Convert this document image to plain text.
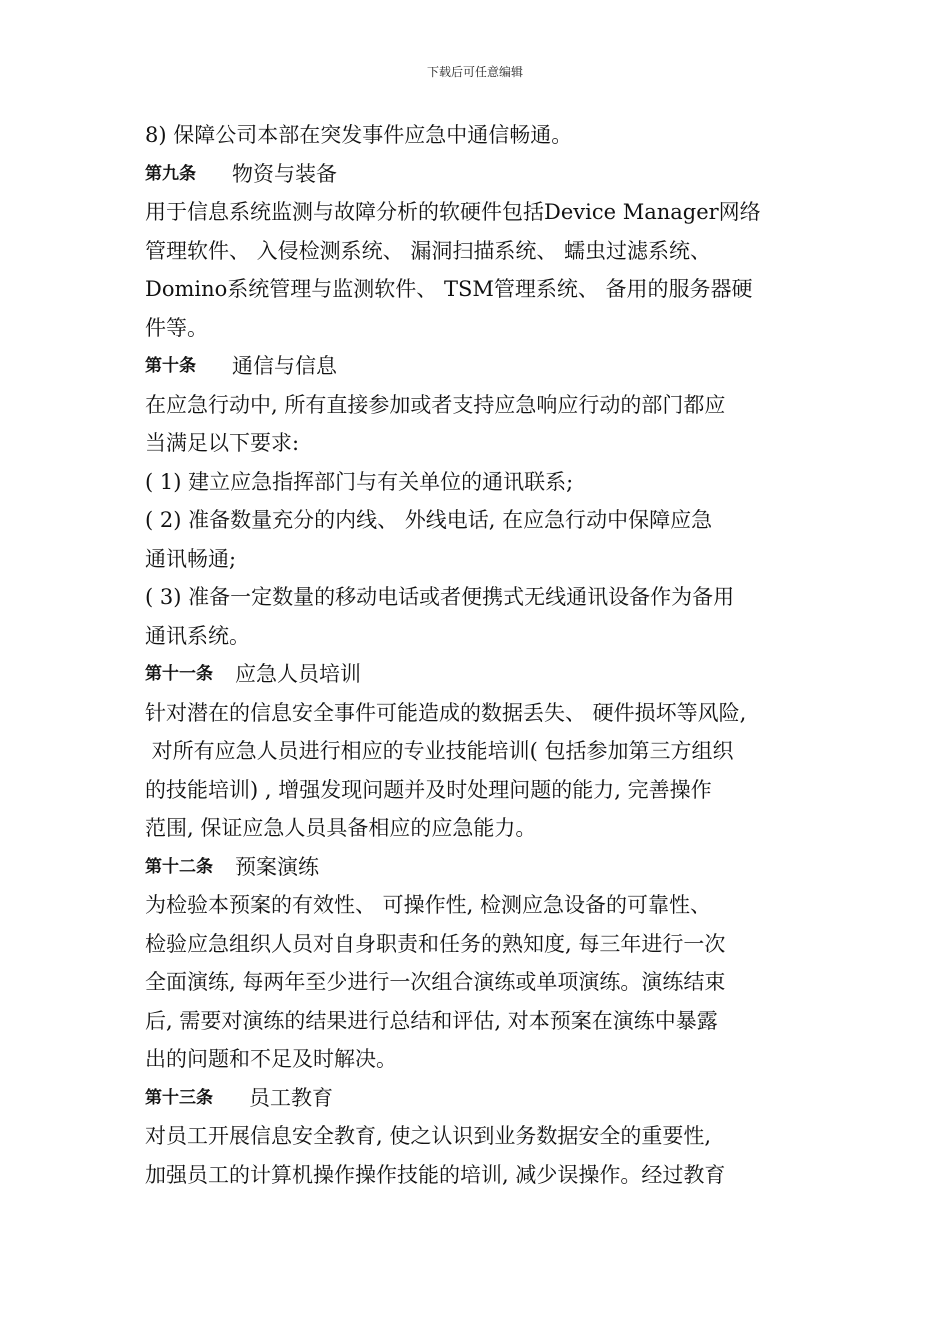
下载后可任意编辑
8) 保障公司本部在突发事件应急中通信畅通。
第九条 物资与装备
用于信息系统监测与故障分析的软硬件包括Device Manager网络
管理软件、 入侵检测系统、 漏洞扫描系统、 蠕虫过滤系统、
Domino系统管理与监测软件、 TSM管理系统、 备用的服务器硬
件等。
第十条 通信与信息
在应急行动中, 所有直接参加或者支持应急响应行动的部门都应
当满足以下要求:
( 1) 建立应急指挥部门与有关单位的通讯联系;
( 2) 准备数量充分的内线、 外线电话, 在应急行动中保障应急
通讯畅通;
( 3) 准备一定数量的移动电话或者便携式无线通讯设备作为备用
通讯系统。
第十一条 应急人员培训
针对潜在的信息安全事件可能造成的数据丢失、 硬件损坏等风险,
对所有应急人员进行相应的专业技能培训( 包括参加第三方组织
的技能培训) , 增强发现问题并及时处理问题的能力, 完善操作
范围, 保证应急人员具备相应的应急能力。
第十二条 预案演练
为检验本预案的有效性、 可操作性, 检测应急设备的可靠性、
检验应急组织人员对自身职责和任务的熟知度, 每三年进行一次
全面演练, 每两年至少进行一次组合演练或单项演练。演练结束
后, 需要对演练的结果进行总结和评估, 对本预案在演练中暴露
出的问题和不足及时解决。
第十三条 员工教育
对员工开展信息安全教育, 使之认识到业务数据安全的重要性,
加强员工的计算机操作操作技能的培训, 减少误操作。经过教育
